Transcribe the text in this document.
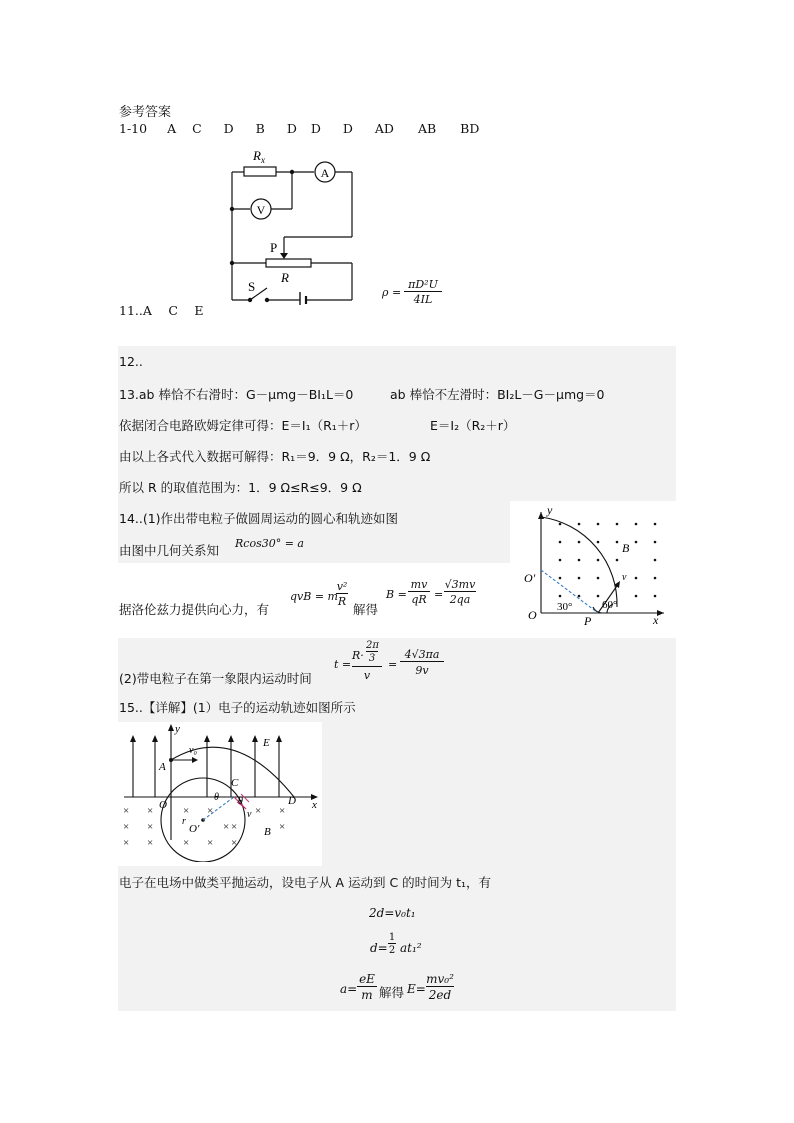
参考答案
1-10 A C D B D D D AD AB BD
$R_x$
A
V
P
R
S
11..A　 C　 E
ρ =
πD²U
4IL
12..
13.ab 棒恰不右滑时：G－μmg－BI₁L＝0	ab 棒恰不左滑时：BI₂L－G－μmg＝0
依据闭合电路欧姆定律可得：E＝I₁（R₁＋r）	E＝I₂（R₂＋r）
由以上各式代入数据可解得：R₁＝9．9 Ω，R₂＝1．9 Ω
所以 R 的取值范围为：1．9 Ω≤R≤9．9 Ω
14..(1)作出带电粒子做圆周运动的圆心和轨迹如图
由图中几何关系知 Rcos30° = a
据洛伦兹力提供向心力，有
qvB = m
v²
R
解得
B =
mv
qR =
√3mv
2qa
(2)带电粒子在第一象限内运动时间
t =
R·
2π
3
v
=
4√3πa
9v
y
x
O
O′
P
B
v
30°	60°
15..【详解】(1）电子的运动轨迹如图所示
× ×	× ×	× ×
× ×	× ×	×
× ×	× × ×
y
x
O
O′
A
C
D
E
B
v₀
v
θ θ
r
电子在电场中做类平抛运动，设电子从 A 运动到 C 的时间为 t₁，有
2d=v₀t₁
d=
1
2 at₁²
a=
eE
m 解得 E=
mv₀²
2ed
